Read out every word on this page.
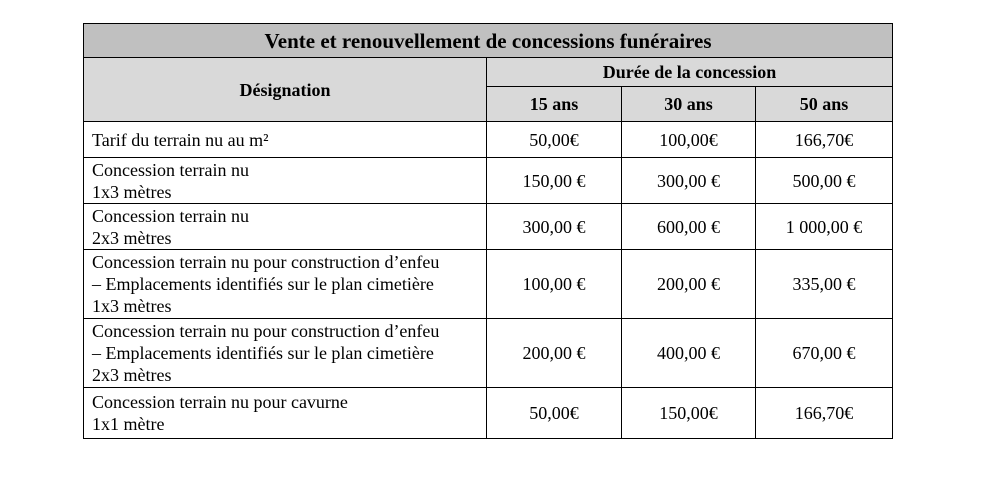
Vente et renouvellement de concessions funéraires			
Désignation	Durée de la concession		
	15 ans	30 ans	50 ans

Tarif du terrain nu au m²	50,00€	100,00€	166,70€

Concession terrain nu
1x3 mètres	150,00 €	300,00 €	500,00 €

Concession terrain nu
2x3 mètres	300,00 €	600,00 €	1 000,00 €

Concession terrain nu pour construction d’enfeu
– Emplacements identifiés sur le plan cimetière
1x3 mètres	100,00 €	200,00 €	335,00 €

Concession terrain nu pour construction d’enfeu
– Emplacements identifiés sur le plan cimetière
2x3 mètres	200,00 €	400,00 €	670,00 €

Concession terrain nu pour cavurne
1x1 mètre	50,00€	150,00€	166,70€
